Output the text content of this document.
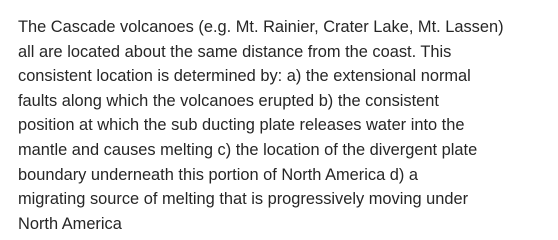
The Cascade volcanoes (e.g. Mt. Rainier, Crater Lake, Mt. Lassen)
all are located about the same distance from the coast. This
consistent location is determined by: a) the extensional normal
faults along which the volcanoes erupted b) the consistent
position at which the sub ducting plate releases water into the
mantle and causes melting c) the location of the divergent plate
boundary underneath this portion of North America d) a
migrating source of melting that is progressively moving under
North America
